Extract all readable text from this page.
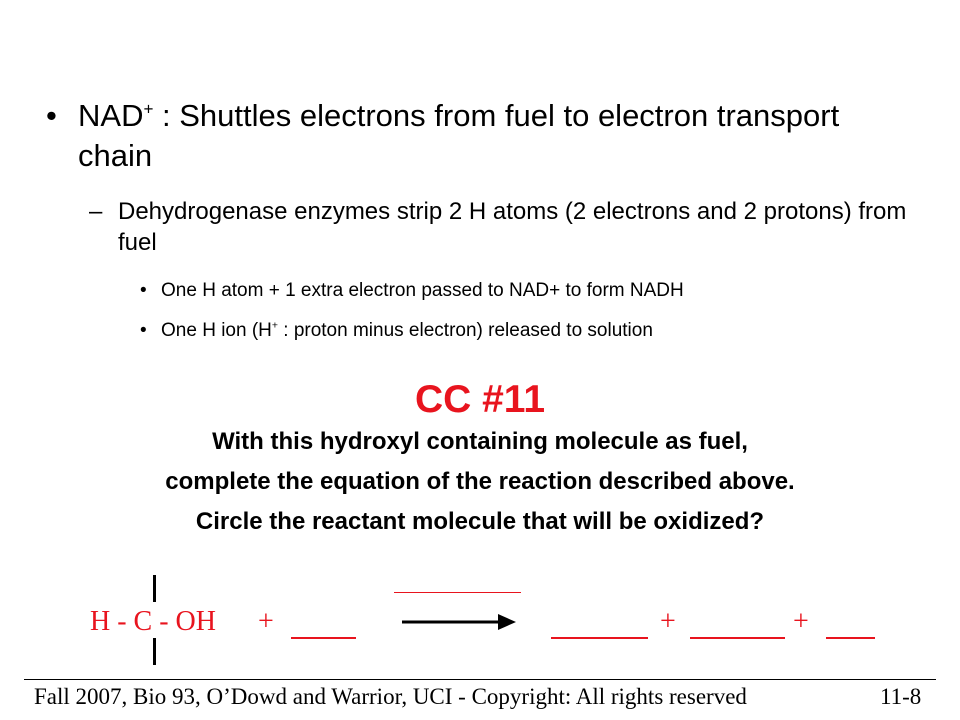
• NAD+ : Shuttles electrons from fuel to electron transport chain
– Dehydrogenase enzymes strip 2 H atoms (2 electrons and 2 protons) from fuel
• One H atom + 1 extra electron passed to NAD+ to form NADH
• One H ion (H+ : proton minus electron) released to solution
CC #11
With this hydroxyl containing molecule as fuel,
complete the equation of the reaction described above.
Circle the reactant molecule that will be oxidized?
H - C - OH +	+	+
Fall 2007, Bio 93, O’Dowd and Warrior, UCI - Copyright: All rights reserved	11-8
